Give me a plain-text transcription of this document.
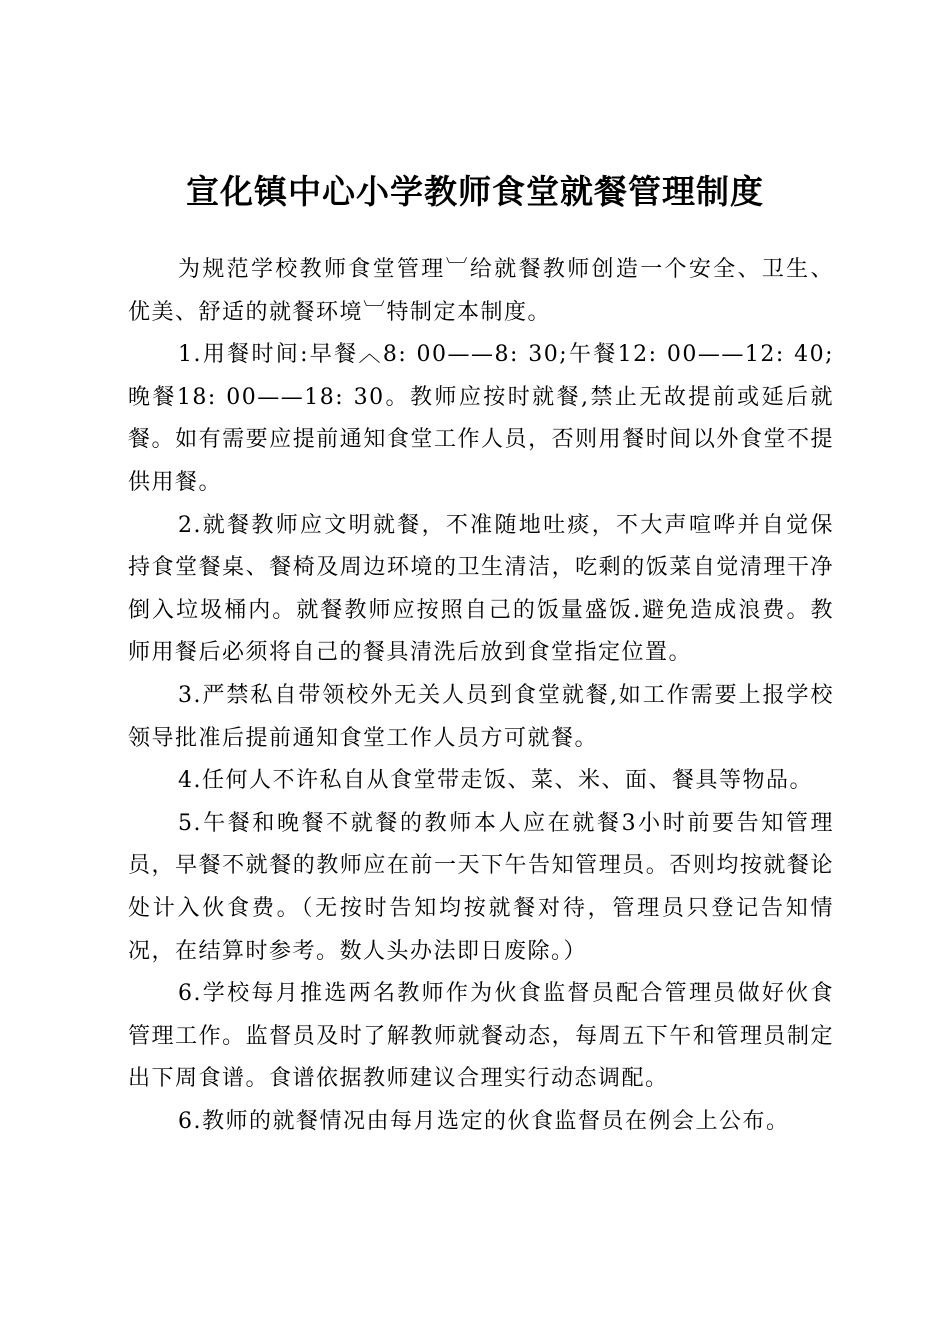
宣化镇中心小学教师食堂就餐管理制度

为规范学校教师食堂管理︺给就餐教师创造一个安全、卫生、优美、舒适的就餐环境︺特制定本制度。

1.用餐时间:早餐︿8: 00——8: 30;午餐12: 00——12: 40;晚餐18: 00——18: 30。教师应按时就餐,禁止无故提前或延后就餐。如有需要应提前通知食堂工作人员，否则用餐时间以外食堂不提供用餐。

2.就餐教师应文明就餐，不准随地吐痰，不大声喧哗并自觉保持食堂餐桌、餐椅及周边环境的卫生清洁，吃剩的饭菜自觉清理干净倒入垃圾桶内。就餐教师应按照自己的饭量盛饭.避免造成浪费。教师用餐后必须将自己的餐具清洗后放到食堂指定位置。

3.严禁私自带领校外无关人员到食堂就餐,如工作需要上报学校领导批准后提前通知食堂工作人员方可就餐。

4.任何人不许私自从食堂带走饭、菜、米、面、餐具等物品。

5.午餐和晚餐不就餐的教师本人应在就餐3小时前要告知管理员，早餐不就餐的教师应在前一天下午告知管理员。否则均按就餐论处计入伙食费。（无按时告知均按就餐对待，管理员只登记告知情况，在结算时参考。数人头办法即日废除。）

6.学校每月推选两名教师作为伙食监督员配合管理员做好伙食管理工作。监督员及时了解教师就餐动态，每周五下午和管理员制定出下周食谱。食谱依据教师建议合理实行动态调配。

6.教师的就餐情况由每月选定的伙食监督员在例会上公布。
